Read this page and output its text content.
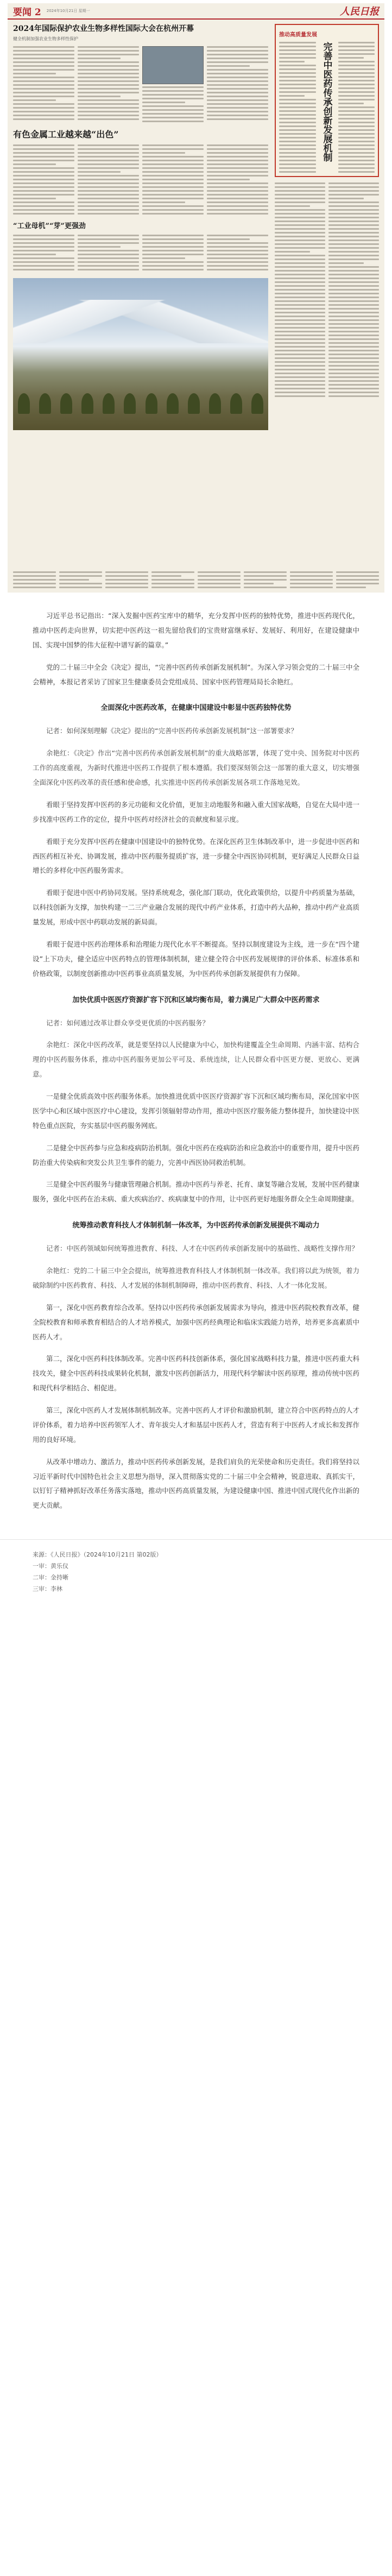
要闻 2 2024年10月21日 星期一	人民日报
2024年国际保护农业生物多样性国际大会在杭州开幕
健全机制加强农业生物多样性保护
有色金属工业越来越“出色”
“工业母机”“芽”更强劲
推动高质量发展
完善中医药传承创新发展机制

习近平总书记指出：“深入发掘中医药宝库中的精华，充分发挥中医药的独特优势，推进中医药现代化，推动中医药走向世界，切实把中医药这一祖先留给我们的宝贵财富继承好、发展好、利用好，在建设健康中国、实现中国梦的伟大征程中谱写新的篇章。”

党的二十届三中全会《决定》提出，“完善中医药传承创新发展机制”。为深入学习领会党的二十届三中全会精神，本报记者采访了国家卫生健康委员会党组成员、国家中医药管理局局长余艳红。

全面深化中医药改革，在健康中国建设中彰显中医药独特优势

记者：如何深刻理解《决定》提出的“完善中医药传承创新发展机制”这一部署要求？

余艳红：《决定》作出“完善中医药传承创新发展机制”的重大战略部署，体现了党中央、国务院对中医药工作的高度重视，为新时代推进中医药工作提供了根本遵循。我们要深刻领会这一部署的重大意义，切实增强全面深化中医药改革的责任感和使命感，扎实推进中医药传承创新发展各项工作落地见效。

看眼于坚持发挥中医药的多元功能和文化价值，更加主动地服务和融入重大国家战略，自觉在大局中进一步找准中医药工作的定位，提升中医药对经济社会的贡献度和显示度。

看眼于充分发挥中医药在健康中国建设中的独特优势。在深化医药卫生体制改革中，进一步促进中医药和西医药相互补充、协调发展，推动中医药服务提质扩容，进一步健全中西医协同机制，更好满足人民群众日益增长的多样化中医药服务需求。

看眼于促进中医中药协同发展。坚持系统观念，强化部门联动，优化政策供给，以提升中药质量为基础，以科技创新为支撑，加快构建一二三产业融合发展的现代中药产业体系，打造中药大品种，推动中药产业高质量发展，形成中医中药联动发展的新局面。

看眼于促进中医药治理体系和治理能力现代化水平不断提高。坚持以制度建设为主线，进一步在“四个建设”上下功夫，健全适应中医药特点的管理体制机制，建立健全符合中医药发展规律的评价体系、标准体系和价格政策，以制度创新推动中医药事业高质量发展，为中医药传承创新发展提供有力保障。

加快优质中医医疗资源扩容下沉和区域均衡布局，着力满足广大群众中医药需求

记者：如何通过改革让群众享受更优质的中医药服务？

余艳红：深化中医药改革，就是要坚持以人民健康为中心，加快构建覆盖全生命周期、内涵丰富、结构合理的中医药服务体系，推动中医药服务更加公平可及、系统连续，让人民群众看中医更方便、更放心、更满意。

一是健全优质高效中医药服务体系。加快推进优质中医医疗资源扩容下沉和区域均衡布局，深化国家中医医学中心和区域中医医疗中心建设，发挥引领辐射带动作用，推动中医医疗服务能力整体提升，加快建设中医特色重点医院，夯实基层中医药服务网底。

二是健全中医药参与应急和疫病防治机制。强化中医药在疫病防治和应急救治中的重要作用，提升中医药防治重大传染病和突发公共卫生事件的能力，完善中西医协同救治机制。

三是健全中医药服务与健康管理融合机制。推动中医药与养老、托育、康复等融合发展，发展中医药健康服务，强化中医药在治未病、重大疾病治疗、疾病康复中的作用，让中医药更好地服务群众全生命周期健康。

统筹推动教育科技人才体制机制一体改革，为中医药传承创新发展提供不竭动力

记者：中医药领域如何统筹推进教育、科技、人才在中医药传承创新发展中的基础性、战略性支撑作用？

余艳红：党的二十届三中全会提出，统筹推进教育科技人才体制机制一体改革。我们将以此为统领，着力破除制约中医药教育、科技、人才发展的体制机制障碍，推动中医药教育、科技、人才一体化发展。

第一，深化中医药教育综合改革。坚持以中医药传承创新发展需求为导向，推进中医药院校教育改革，健全院校教育和师承教育相结合的人才培养模式，加强中医药经典理论和临床实践能力培养，培养更多高素质中医药人才。

第二，深化中医药科技体制改革。完善中医药科技创新体系，强化国家战略科技力量，推进中医药重大科技攻关，健全中医药科技成果转化机制，激发中医药创新活力，用现代科学解读中医药原理，推动传统中医药和现代科学相结合、相促进。

第三，深化中医药人才发展体制机制改革。完善中医药人才评价和激励机制，建立符合中医药特点的人才评价体系，着力培养中医药领军人才、青年拔尖人才和基层中医药人才，营造有利于中医药人才成长和发挥作用的良好环境。

从改革中增动力、激活力，推动中医药传承创新发展，是我们肩负的光荣使命和历史责任。我们将坚持以习近平新时代中国特色社会主义思想为指导，深入贯彻落实党的二十届三中全会精神，锐意进取、真抓实干，以钉钉子精神抓好改革任务落实落地，推动中医药高质量发展，为建设健康中国、推进中国式现代化作出新的更大贡献。

来源：《人民日报》（2024年10月21日 第02版）
一审：黄乐仪
二审：金持晰
三审：李林
